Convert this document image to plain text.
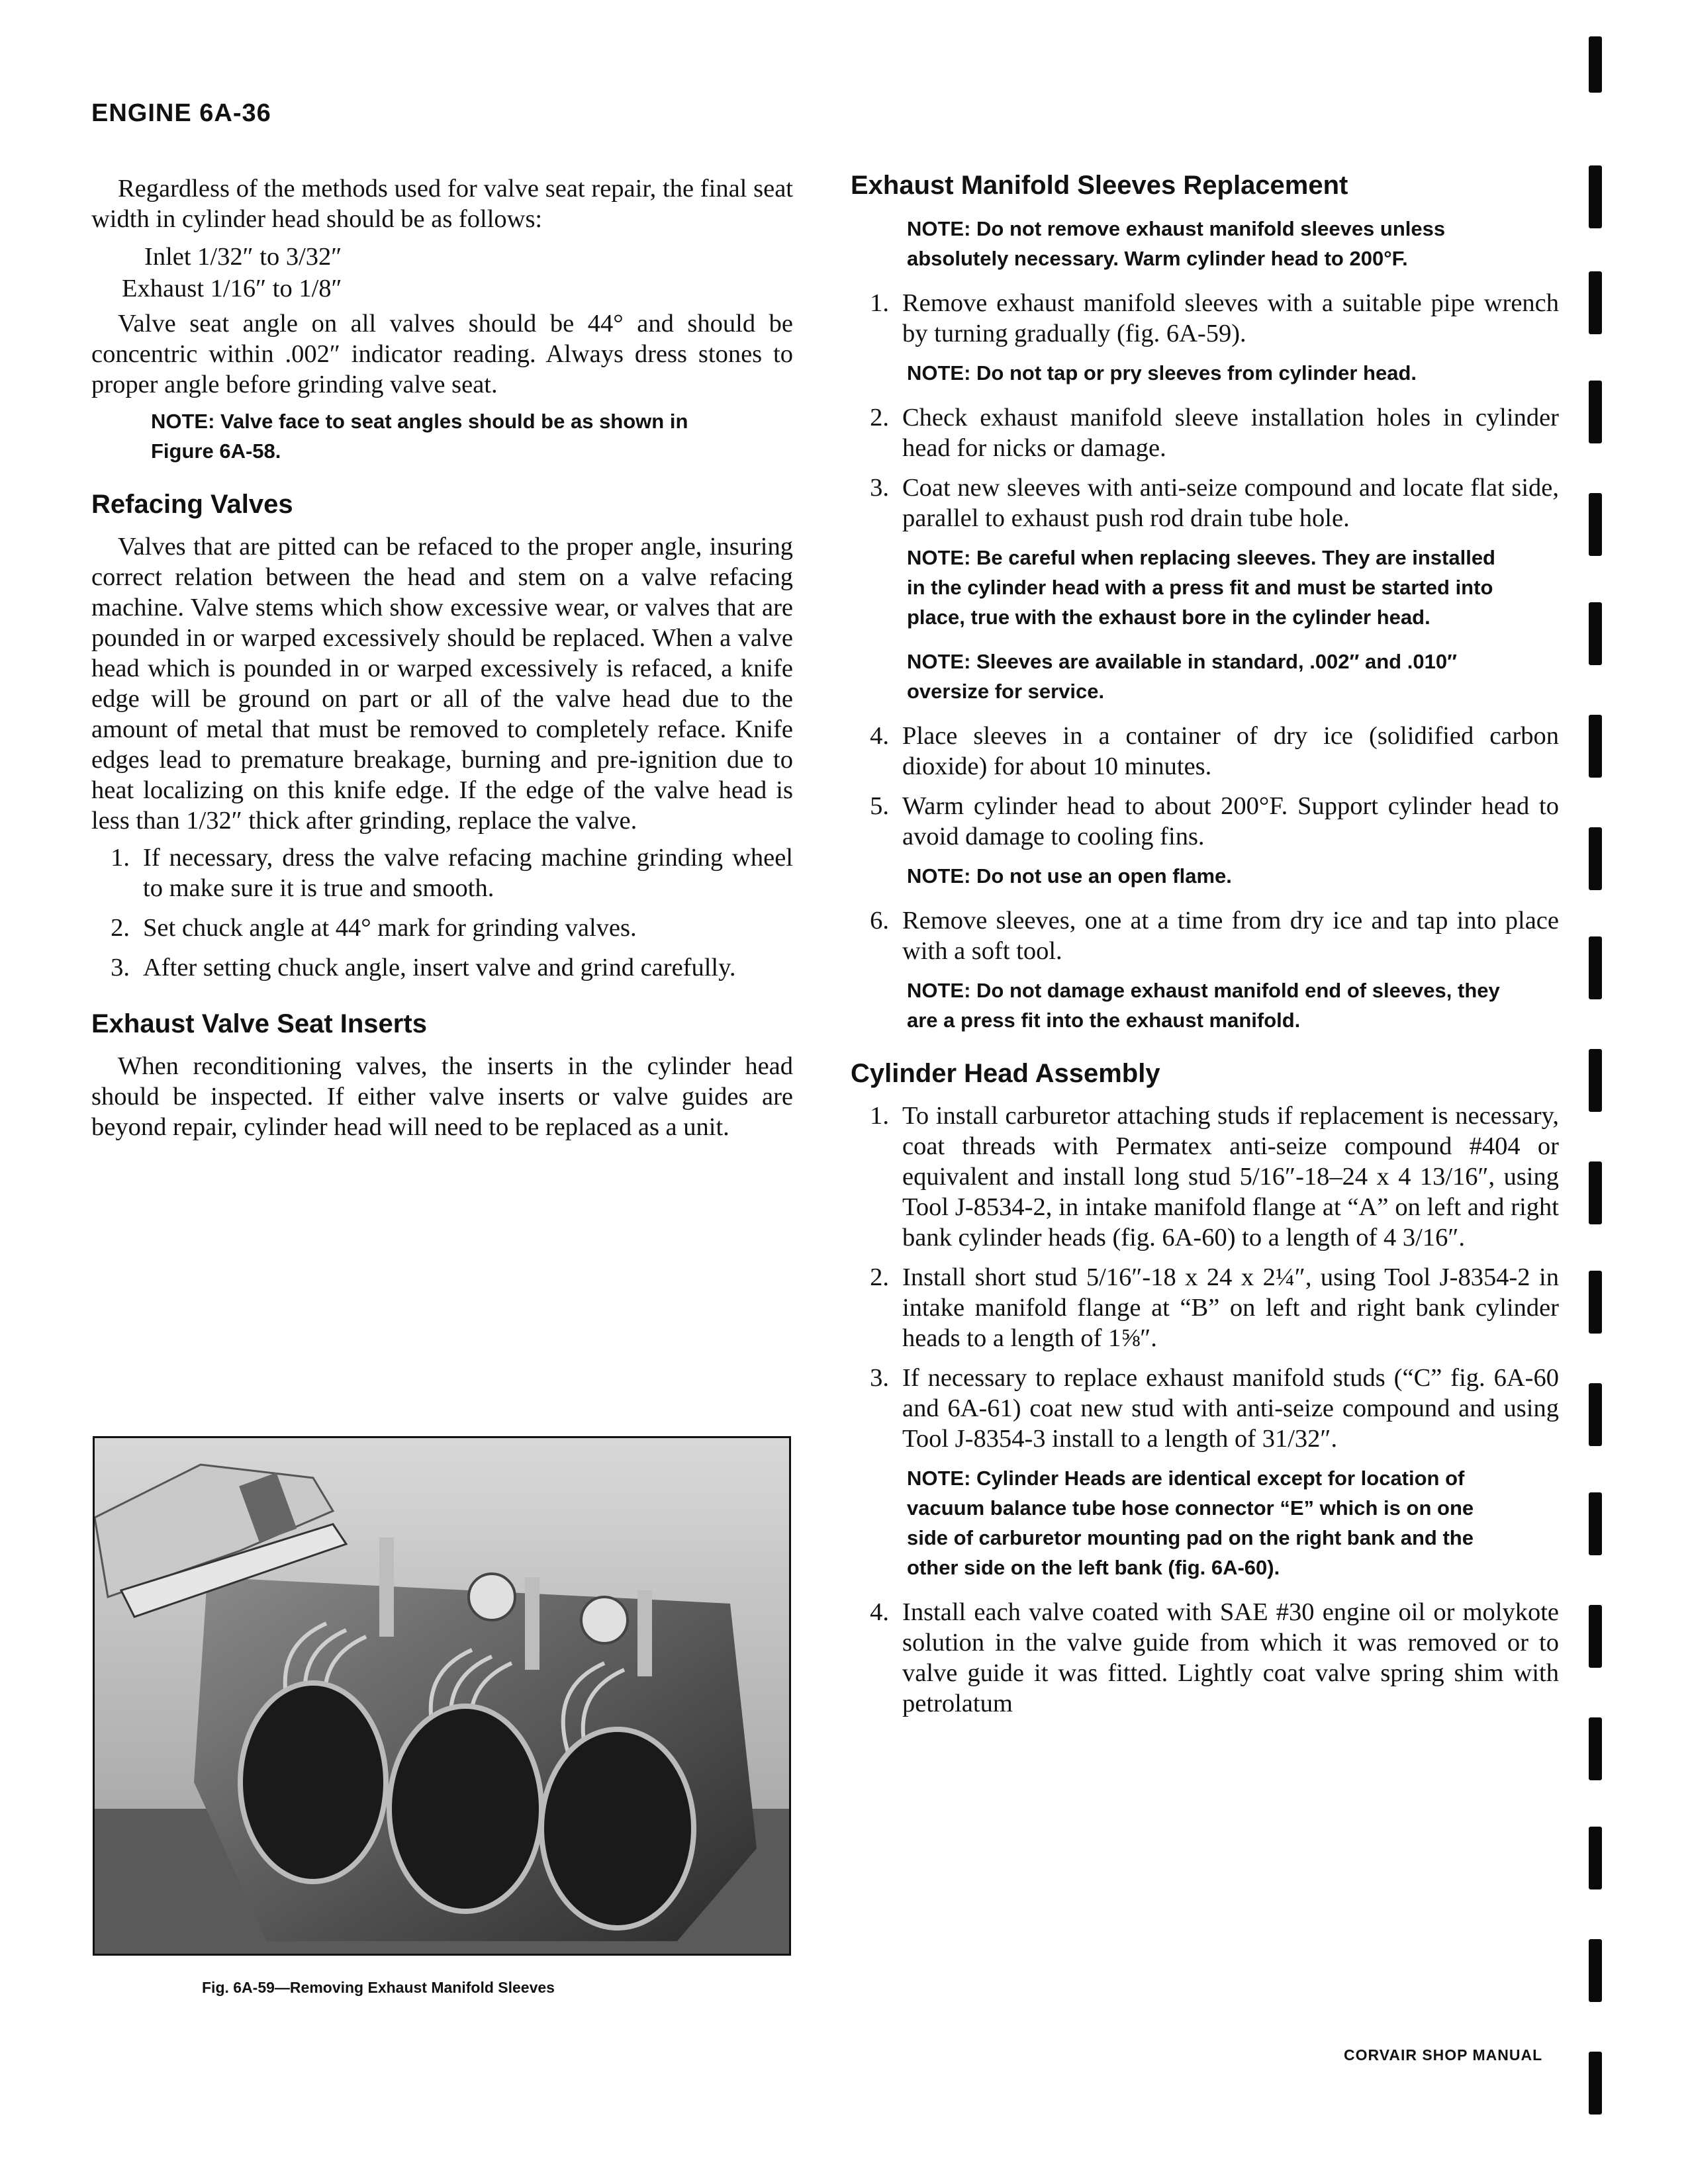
ENGINE 6A-36

Regardless of the methods used for valve seat repair, the final seat width in cylinder head should be as follows:

Inlet 1/32″ to 3/32″

Exhaust 1/16″ to 1/8″

Valve seat angle on all valves should be 44° and should be concentric within .002″ indicator reading. Always dress stones to proper angle before grinding valve seat.

NOTE: Valve face to seat angles should be as shown in Figure 6A-58.
Refacing Valves

Valves that are pitted can be refaced to the proper angle, insuring correct relation between the head and stem on a valve refacing machine. Valve stems which show excessive wear, or valves that are pounded in or warped excessively should be replaced. When a valve head which is pounded in or warped excessively is refaced, a knife edge will be ground on part or all of the valve head due to the amount of metal that must be removed to completely reface. Knife edges lead to premature breakage, burning and pre-ignition due to heat localizing on this knife edge. If the edge of the valve head is less than 1/32″ thick after grinding, replace the valve.

1. If necessary, dress the valve refacing machine grinding wheel to make sure it is true and smooth.
2. Set chuck angle at 44° mark for grinding valves.
3. After setting chuck angle, insert valve and grind carefully.
Exhaust Valve Seat Inserts

When reconditioning valves, the inserts in the cylinder head should be inspected. If either valve inserts or valve guides are beyond repair, cylinder head will need to be replaced as a unit.

Fig. 6A-59—Removing Exhaust Manifold Sleeves
Exhaust Manifold Sleeves Replacement
NOTE: Do not remove exhaust manifold sleeves unless absolutely necessary. Warm cylinder head to 200°F.
1. Remove exhaust manifold sleeves with a suitable pipe wrench by turning gradually (fig. 6A-59).
NOTE: Do not tap or pry sleeves from cylinder head.
2. Check exhaust manifold sleeve installation holes in cylinder head for nicks or damage.
3. Coat new sleeves with anti-seize compound and locate flat side, parallel to exhaust push rod drain tube hole.
NOTE: Be careful when replacing sleeves. They are installed in the cylinder head with a press fit and must be started into place, true with the exhaust bore in the cylinder head.
NOTE: Sleeves are available in standard, .002″ and .010″ oversize for service.
4. Place sleeves in a container of dry ice (solidified carbon dioxide) for about 10 minutes.
5. Warm cylinder head to about 200°F. Support cylinder head to avoid damage to cooling fins.
NOTE: Do not use an open flame.
6. Remove sleeves, one at a time from dry ice and tap into place with a soft tool.
NOTE: Do not damage exhaust manifold end of sleeves, they are a press fit into the exhaust manifold.
Cylinder Head Assembly
1. To install carburetor attaching studs if replacement is necessary, coat threads with Permatex anti-seize compound #404 or equivalent and install long stud 5/16″-18–24 x 4 13/16″, using Tool J-8534-2, in intake manifold flange at “A” on left and right bank cylinder heads (fig. 6A-60) to a length of 4 3/16″.
2. Install short stud 5/16″-18 x 24 x 2¼″, using Tool J-8354-2 in intake manifold flange at “B” on left and right bank cylinder heads to a length of 1⅝″.
3. If necessary to replace exhaust manifold studs (“C” fig. 6A-60 and 6A-61) coat new stud with anti-seize compound and using Tool J-8354-3 install to a length of 31/32″.
NOTE: Cylinder Heads are identical except for location of vacuum balance tube hose connector “E” which is on one side of carburetor mounting pad on the right bank and the other side on the left bank (fig. 6A-60).
4. Install each valve coated with SAE #30 engine oil or molykote solution in the valve guide from which it was removed or to valve guide it was fitted. Lightly coat valve spring shim with petrolatum
CORVAIR SHOP MANUAL
